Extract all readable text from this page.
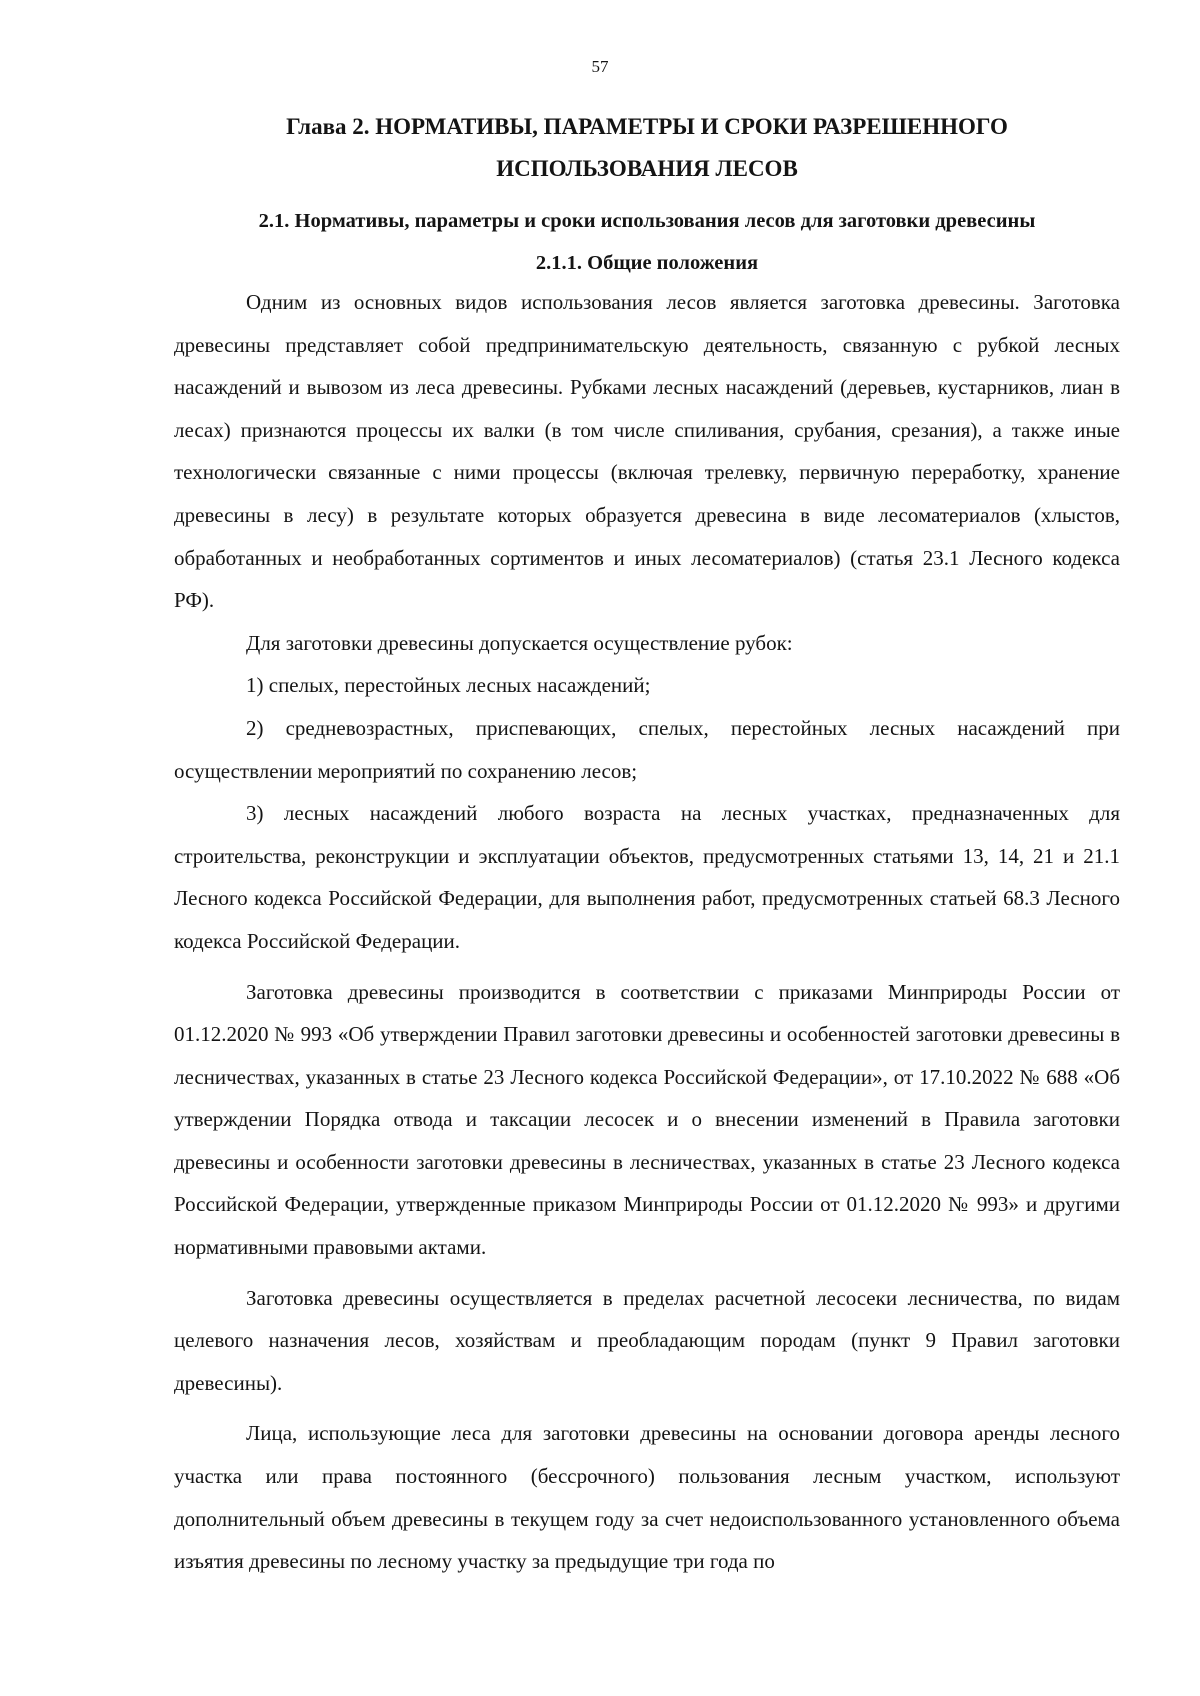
57
Глава 2. НОРМАТИВЫ, ПАРАМЕТРЫ И СРОКИ РАЗРЕШЕННОГО
ИСПОЛЬЗОВАНИЯ ЛЕСОВ
2.1. Нормативы, параметры и сроки использования лесов для заготовки древесины
2.1.1. Общие положения

Одним из основных видов использования лесов является заготовка древесины. Заготовка древесины представляет собой предпринимательскую деятельность, связанную с рубкой лесных насаждений и вывозом из леса древесины. Рубками лесных насаждений (деревьев, кустарников, лиан в лесах) признаются процессы их валки (в том числе спиливания, срубания, срезания), а также иные технологически связанные с ними процессы (включая трелевку, первичную переработку, хранение древесины в лесу) в результате которых образуется древесина в виде лесоматериалов (хлыстов, обработанных и необработанных сортиментов и иных лесоматериалов) (статья 23.1 Лесного кодекса РФ).

Для заготовки древесины допускается осуществление рубок:

1) спелых, перестойных лесных насаждений;

2) средневозрастных, приспевающих, спелых, перестойных лесных насаждений при осуществлении мероприятий по сохранению лесов;

3) лесных насаждений любого возраста на лесных участках, предназначенных для строительства, реконструкции и эксплуатации объектов, предусмотренных статьями 13, 14, 21 и 21.1 Лесного кодекса Российской Федерации, для выполнения работ, предусмотренных статьей 68.3 Лесного кодекса Российской Федерации.

Заготовка древесины производится в соответствии с приказами Минприроды России от 01.12.2020 № 993 «Об утверждении Правил заготовки древесины и особенностей заготовки древесины в лесничествах, указанных в статье 23 Лесного кодекса Российской Федерации», от 17.10.2022 № 688 «Об утверждении Порядка отвода и таксации лесосек и о внесении изменений в Правила заготовки древесины и особенности заготовки древесины в лесничествах, указанных в статье 23 Лесного кодекса Российской Федерации, утвержденные приказом Минприроды России от 01.12.2020 № 993» и другими нормативными правовыми актами.

Заготовка древесины осуществляется в пределах расчетной лесосеки лесничества, по видам целевого назначения лесов, хозяйствам и преобладающим породам (пункт 9 Правил заготовки древесины).

Лица, использующие леса для заготовки древесины на основании договора аренды лесного участка или права постоянного (бессрочного) пользования лесным участком, используют дополнительный объем древесины в текущем году за счет недоиспользованного установленного объема изъятия древесины по лесному участку за предыдущие три года по
